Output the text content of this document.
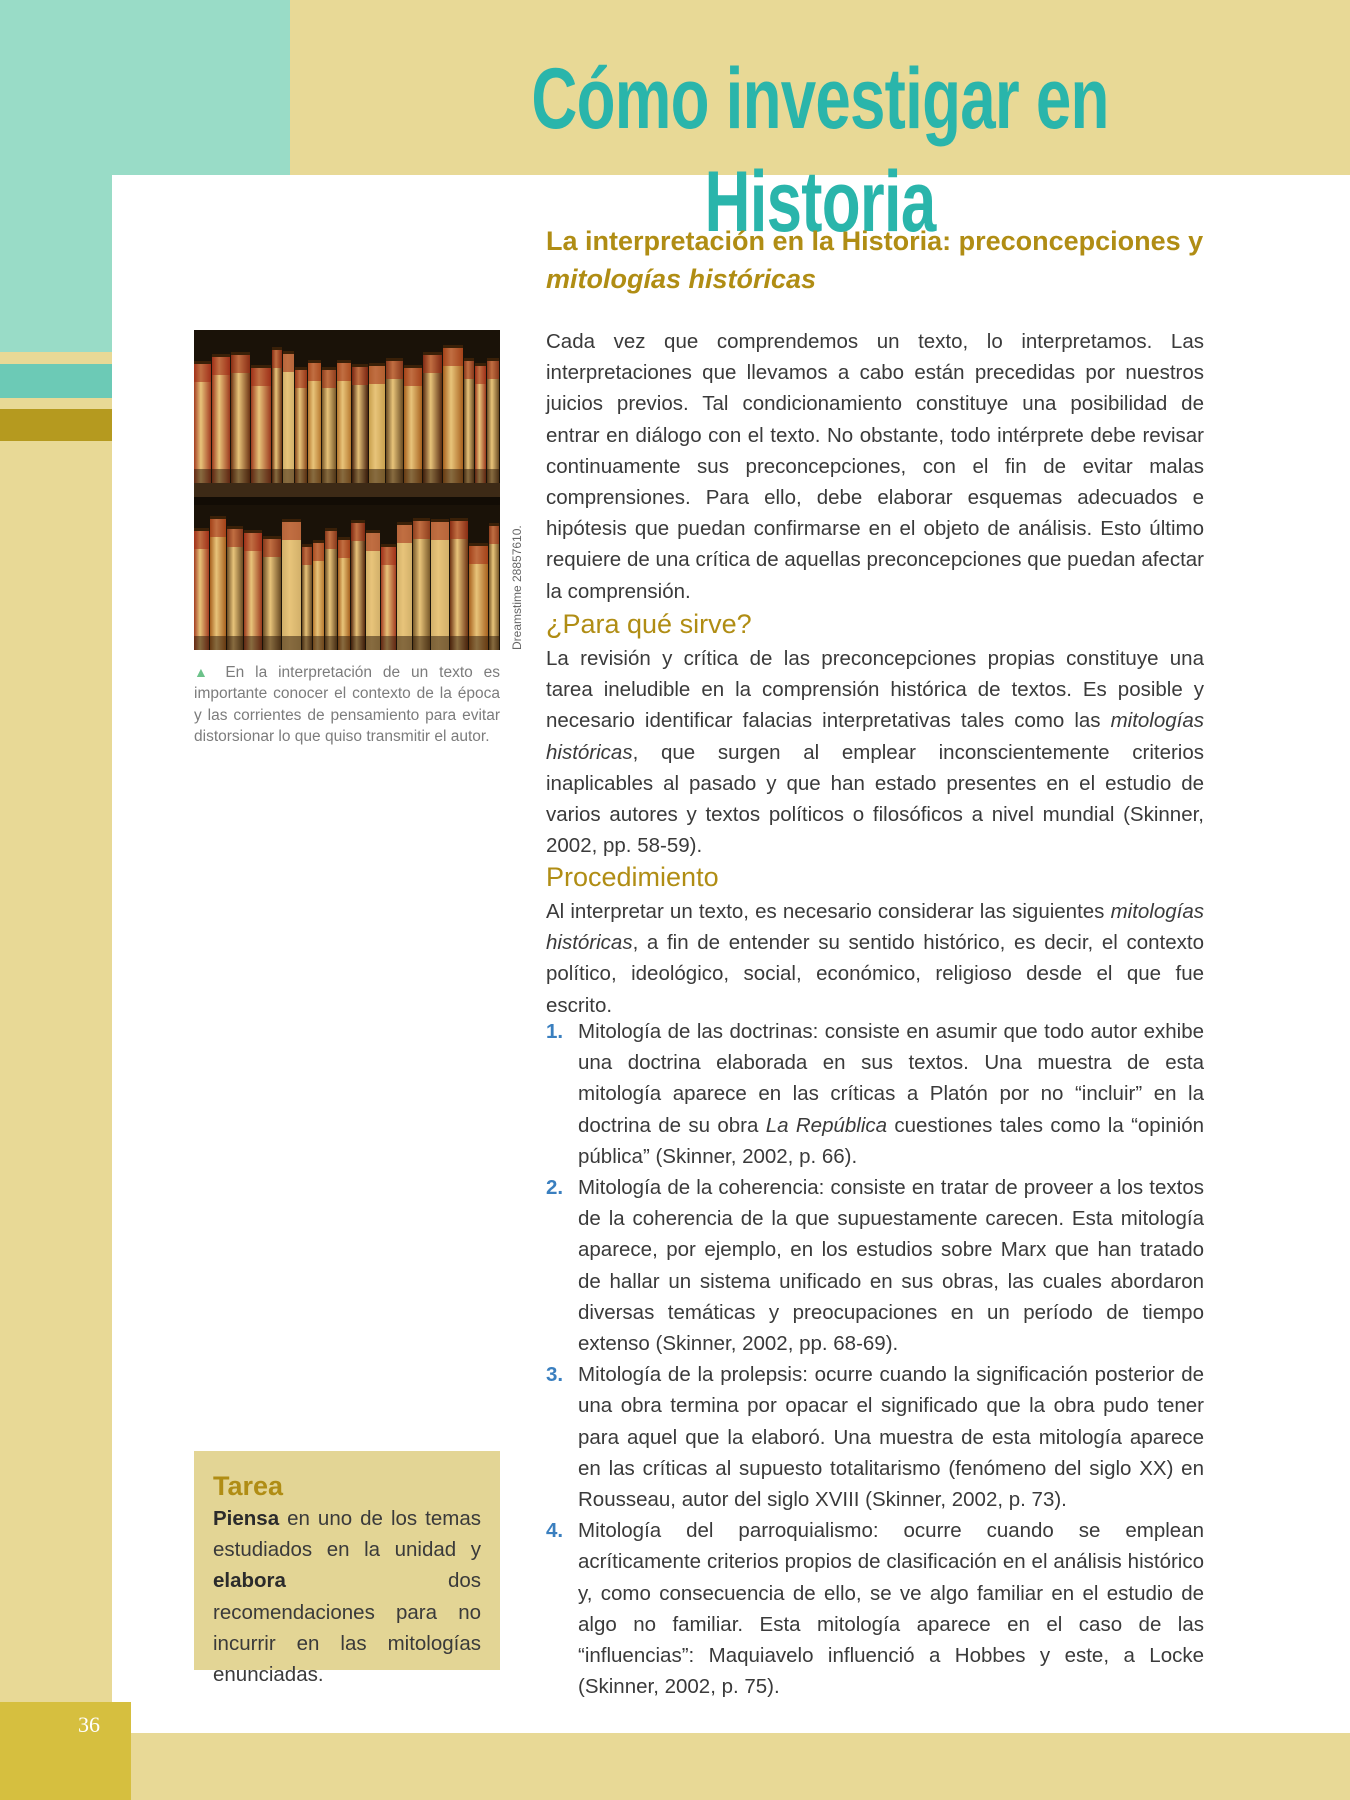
36
Cómo investigar en Historia
La interpretación en la Historia: preconcepciones y mitologías históricas

Cada vez que comprendemos un texto, lo interpretamos. Las interpretaciones que llevamos a cabo están precedidas por nuestros juicios previos. Tal condicionamiento constituye una posibilidad de entrar en diálogo con el texto. No obstante, todo intérprete debe revisar continuamente sus preconcepciones, con el fin de evitar malas comprensiones. Para ello, debe elaborar esquemas adecuados e hipótesis que puedan confirmarse en el objeto de análisis. Esto último requiere de una crítica de aquellas preconcepciones que puedan afectar la comprensión.

¿Para qué sirve?

La revisión y crítica de las preconcepciones propias constituye una tarea ineludible en la comprensión histórica de textos. Es posible y necesario identificar falacias interpretativas tales como las mitologías históricas, que surgen al emplear inconscientemente criterios inaplicables al pasado y que han estado presentes en el estudio de varios autores y textos políticos o filosóficos a nivel mundial (Skinner, 2002, pp. 58-59).

Procedimiento

Al interpretar un texto, es necesario considerar las siguientes mitologías históricas, a fin de entender su sentido histórico, es decir, el contexto político, ideológico, social, económico, religioso desde el que fue escrito.

1. Mitología de las doctrinas: consiste en asumir que todo autor exhibe una doctrina elaborada en sus textos. Una muestra de esta mitología aparece en las críticas a Platón por no “incluir” en la doctrina de su obra La República cuestiones tales como la “opinión pública” (Skinner, 2002, p. 66).
2. Mitología de la coherencia: consiste en tratar de proveer a los textos de la coherencia de la que supuestamente carecen. Esta mitología aparece, por ejemplo, en los estudios sobre Marx que han tratado de hallar un sistema unificado en sus obras, las cuales abordaron diversas temáticas y preocupaciones en un período de tiempo extenso (Skinner, 2002, pp. 68-69).
3. Mitología de la prolepsis: ocurre cuando la significación posterior de una obra termina por opacar el significado que la obra pudo tener para aquel que la elaboró. Una muestra de esta mitología aparece en las críticas al supuesto totalitarismo (fenómeno del siglo XX) en Rousseau, autor del siglo XVIII (Skinner, 2002, p. 73).
4. Mitología del parroquialismo: ocurre cuando se emplean acríticamente criterios propios de clasificación en el análisis histórico y, como consecuencia de ello, se ve algo familiar en el estudio de algo no familiar. Esta mitología aparece en el caso de las “influencias”: Maquiavelo influenció a Hobbes y este, a Locke (Skinner, 2002, p. 75).
Dreamstime 28857610.

▲ En la interpretación de un texto es importante conocer el contexto de la época y las corrientes de pensamiento para evitar distorsionar lo que quiso transmitir el autor.

Tarea

Piensa en uno de los temas estudiados en la unidad y elabora dos recomendaciones para no incurrir en las mitologías enunciadas.
